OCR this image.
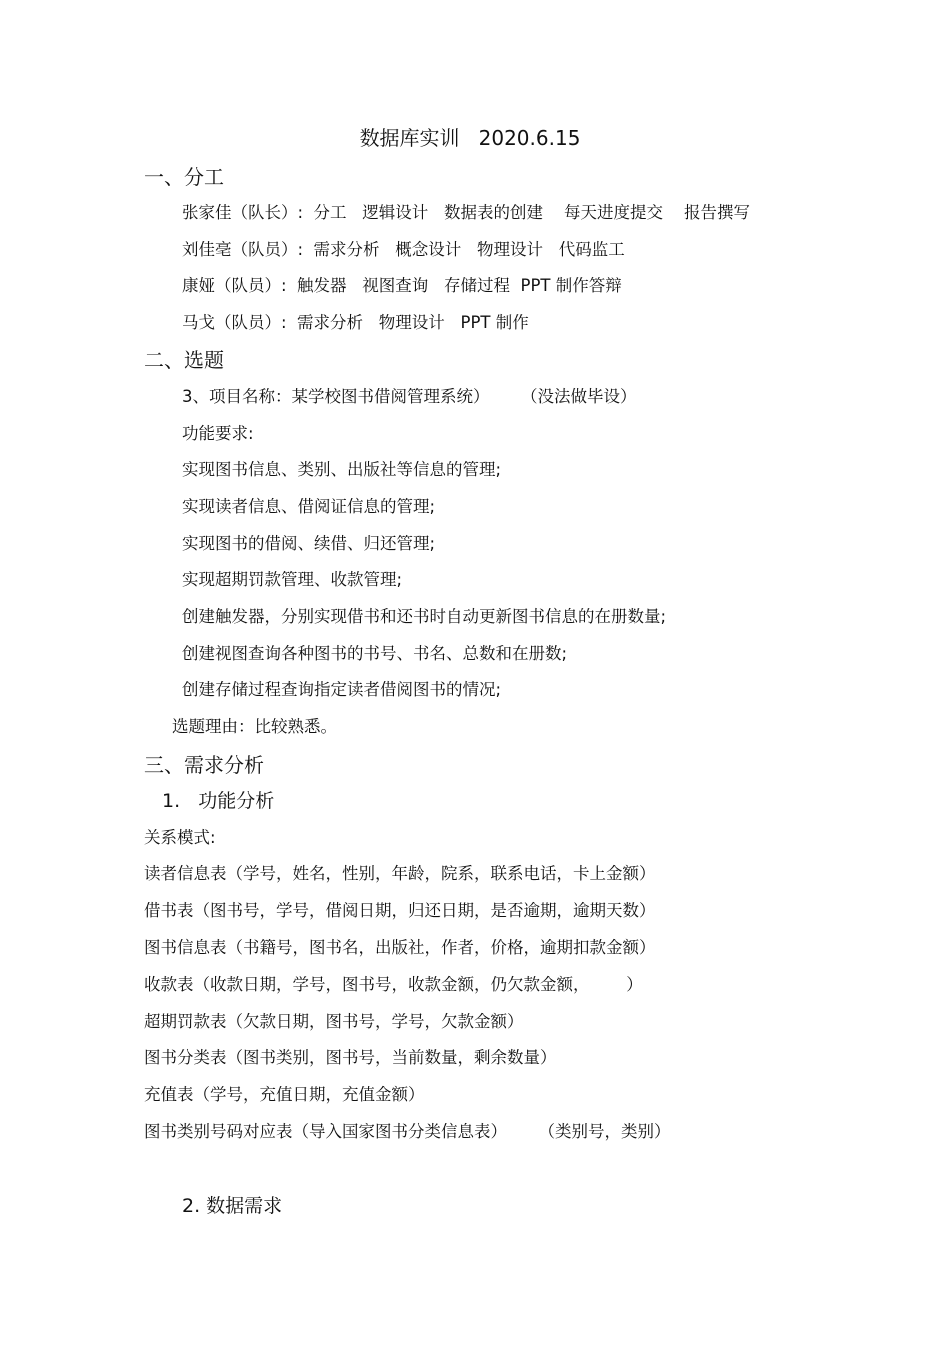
数据库实训   2020.6.15
一、分工
张家佳（队长）:  分工   逻辑设计   数据表的创建    每天进度提交    报告撰写
刘佳亳（队员）:  需求分析   概念设计   物理设计   代码监工
康娅（队员）:  触发器   视图查询   存储过程  PPT 制作答辩
马戈（队员）:  需求分析   物理设计   PPT 制作
二、选题
3、项目名称：某学校图书借阅管理系统）      （没法做毕设）
功能要求:
实现图书信息、类别、出版社等信息的管理;
实现读者信息、借阅证信息的管理;
实现图书的借阅、续借、归还管理;
实现超期罚款管理、收款管理;
创建触发器，分别实现借书和还书时自动更新图书信息的在册数量;
创建视图查询各种图书的书号、书名、总数和在册数;
创建存储过程查询指定读者借阅图书的情况;
选题理由：比较熟悉。
三、需求分析
1.   功能分析
关系模式:
读者信息表（学号，姓名，性别，年龄，院系，联系电话，卡上金额）
借书表（图书号，学号，借阅日期，归还日期，是否逾期，逾期天数）
图书信息表（书籍号，图书名，出版社，作者，价格，逾期扣款金额）
收款表（收款日期，学号，图书号，收款金额，仍欠款金额，       ）
超期罚款表（欠款日期，图书号，学号，欠款金额）
图书分类表（图书类别，图书号，当前数量，剩余数量）
充值表（学号，充值日期，充值金额）
图书类别号码对应表（导入国家图书分类信息表）      （类别号，类别）
2. 数据需求
